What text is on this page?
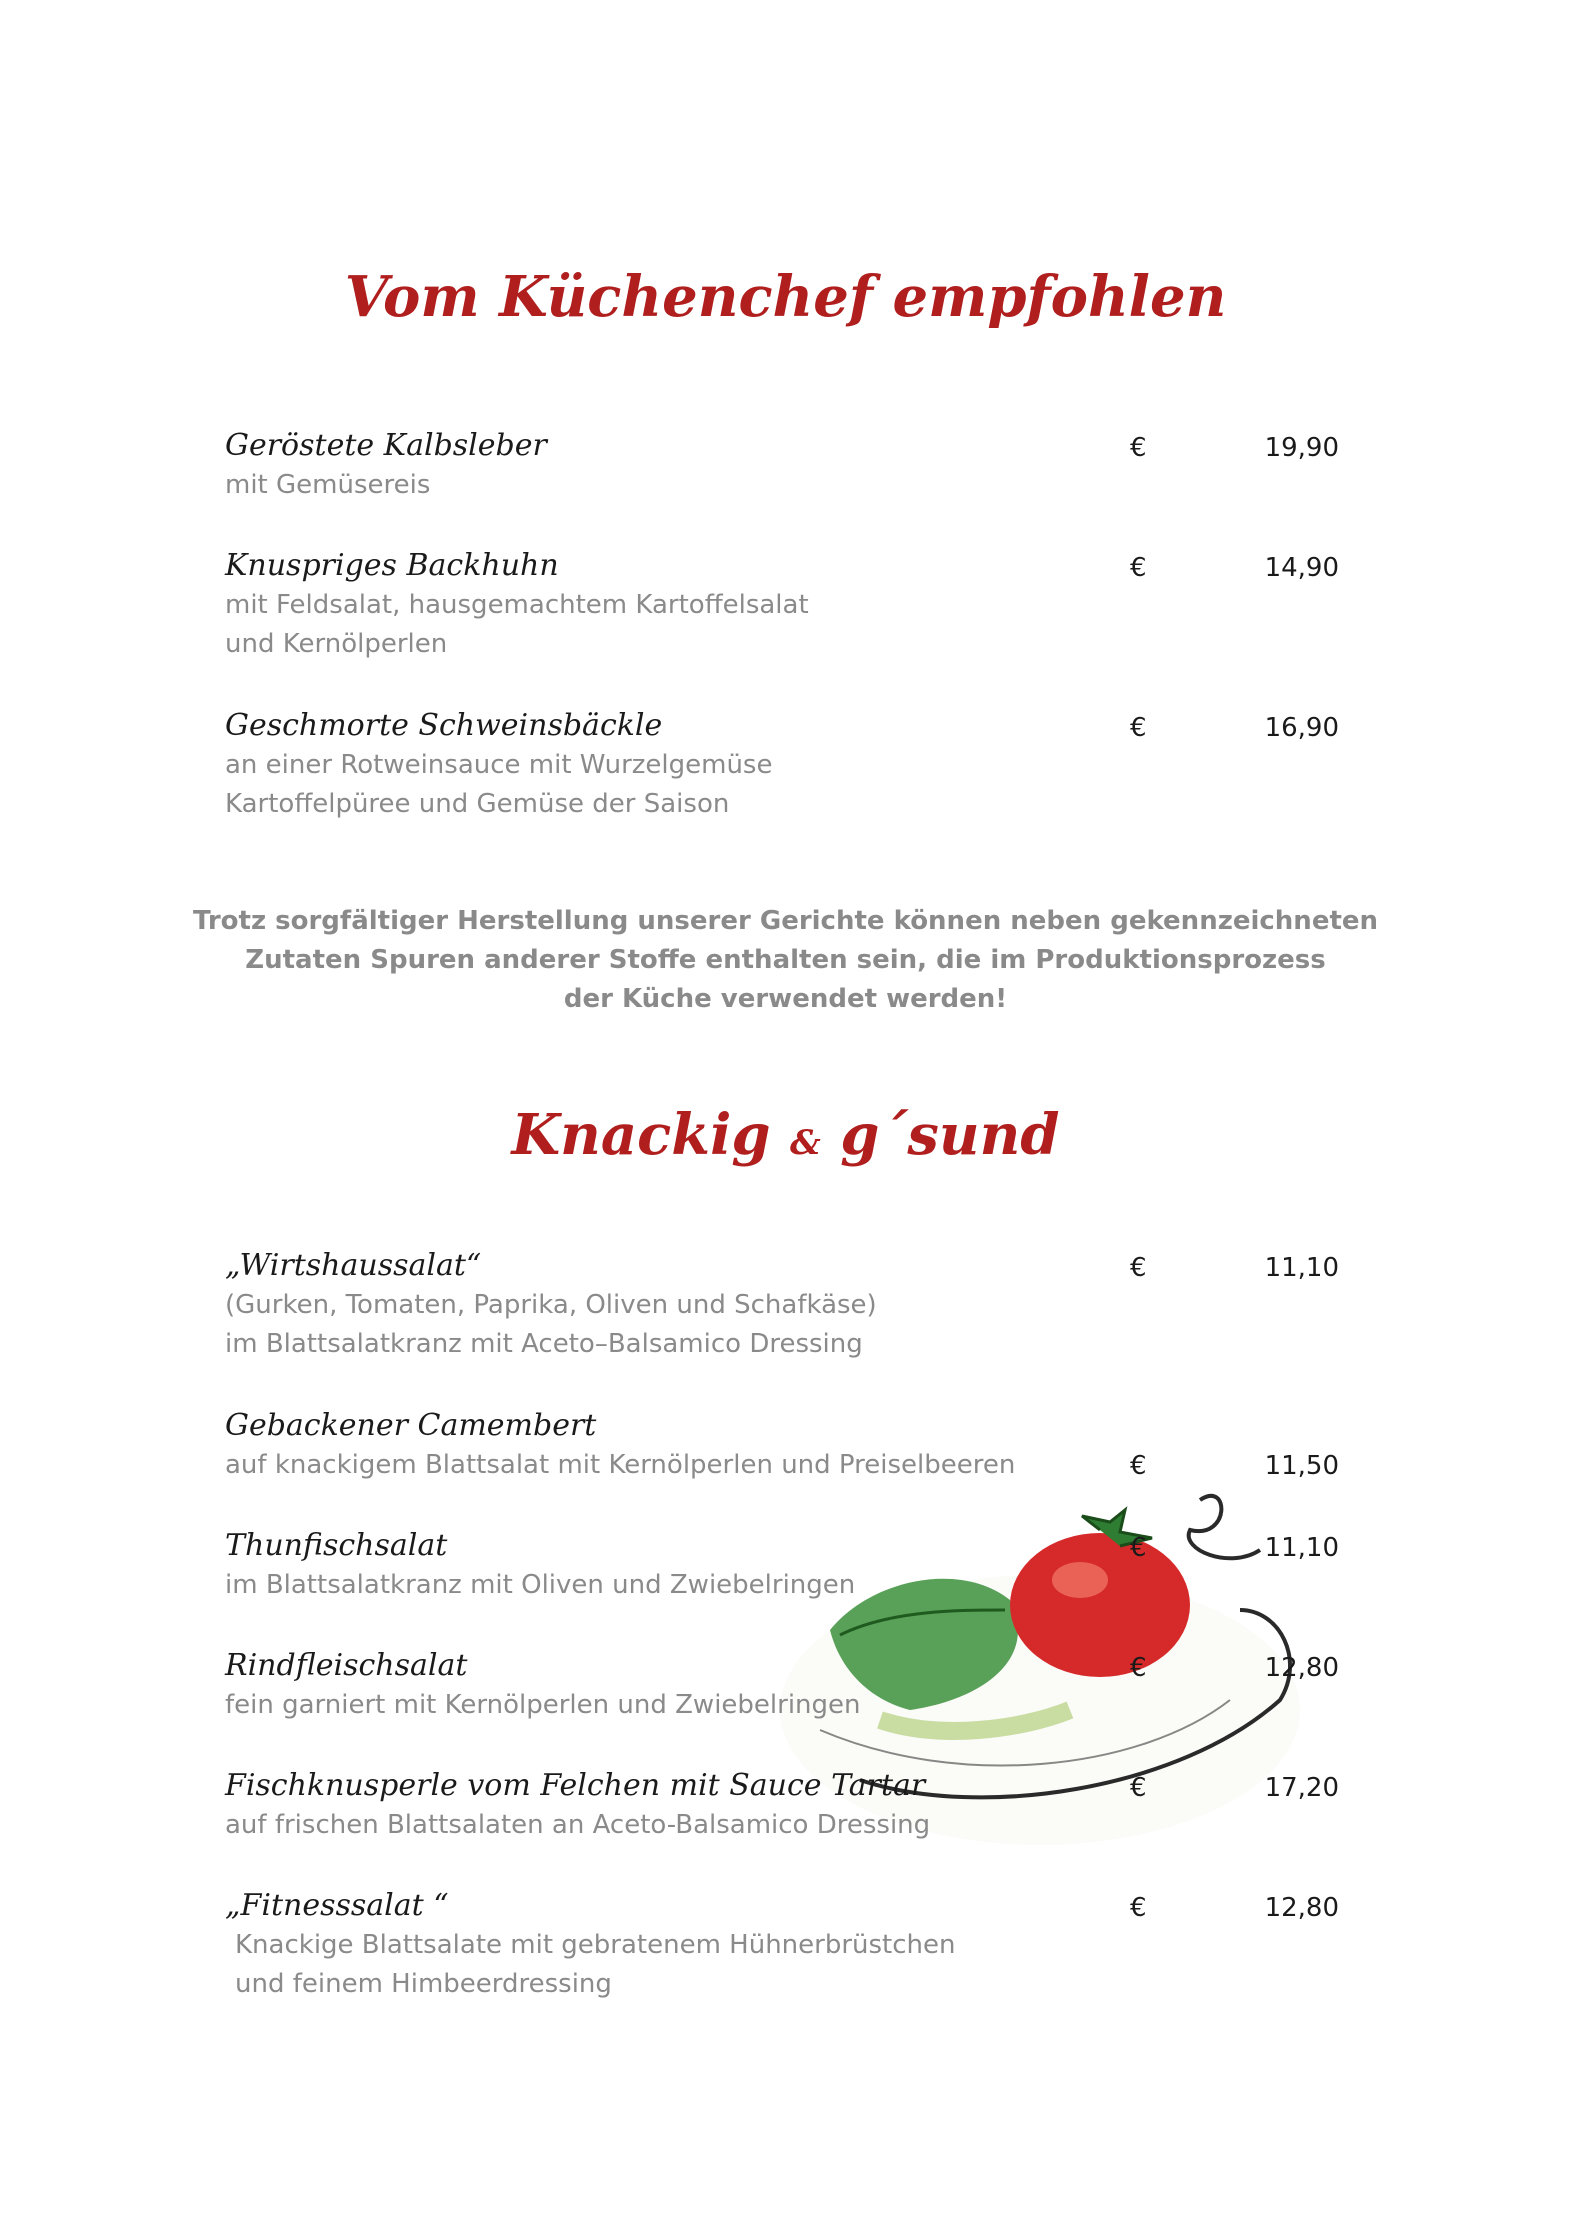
Vom Küchenchef empfohlen
Geröstete Kalbsleber
mit Gemüsereis
€	19,90
Knuspriges Backhuhn
mit Feldsalat, hausgemachtem Kartoffelsalat
und Kernölperlen
€	14,90
Geschmorte Schweinsbäckle
an einer Rotweinsauce mit Wurzelgemüse
Kartoffelpüree und Gemüse der Saison
€	16,90
Trotz sorgfältiger Herstellung unserer Gerichte können neben gekennzeichneten
Zutaten Spuren anderer Stoffe enthalten sein, die im Produktionsprozess
der Küche verwendet werden!
Knackig & g´sund
„Wirtshaussalat“
(Gurken, Tomaten, Paprika, Oliven und Schafkäse)
im Blattsalatkranz mit Aceto–Balsamico Dressing
€	11,10
Gebackener Camembert
auf knackigem Blattsalat mit Kernölperlen und Preiselbeeren	€	11,50
Thunfischsalat
im Blattsalatkranz mit Oliven und Zwiebelringen
€	11,10
Rindfleischsalat
fein garniert mit Kernölperlen und Zwiebelringen
€	12,80
Fischknusperle vom Felchen mit Sauce Tartar
auf frischen Blattsalaten an Aceto-Balsamico Dressing
€	17,20
„Fitnesssalat “
Knackige Blattsalate mit gebratenem Hühnerbrüstchen
und feinem Himbeerdressing
€	12,80
